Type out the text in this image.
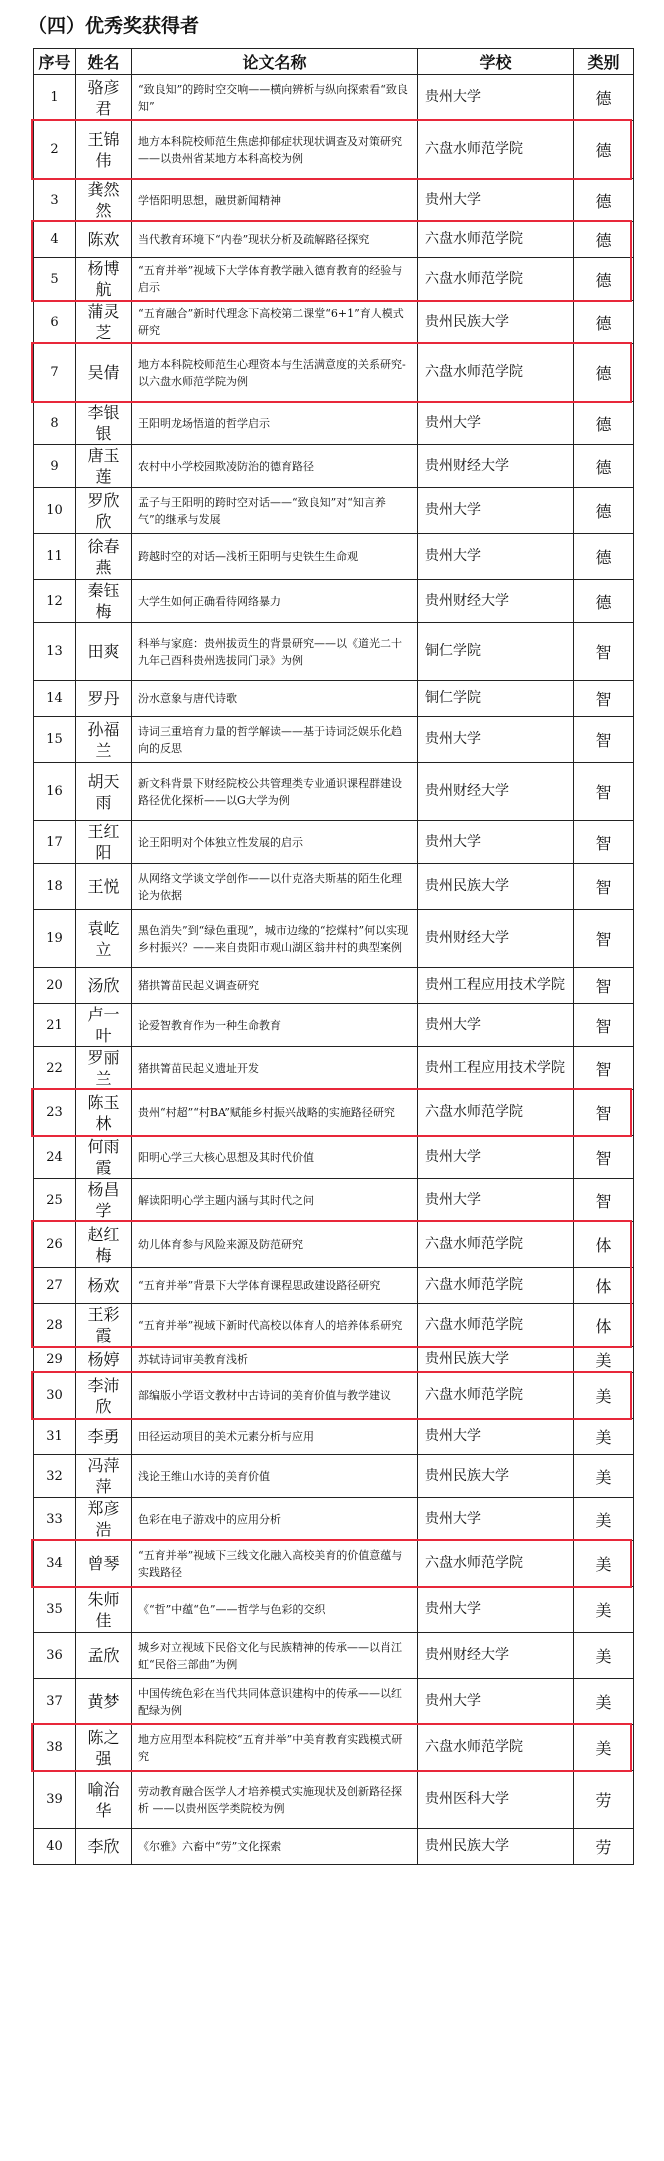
（四）优秀奖获得者
序号	姓名	论文名称	学校	类别
1	骆彦君	“致良知”的跨时空交响——横向辨析与纵向探索看“致良知”	贵州大学	德
2	王锦伟	地方本科院校师范生焦虑抑郁症状现状调查及对策研究——以贵州省某地方本科高校为例	六盘水师范学院	德
3	龚然然	学悟阳明思想，融贯新闻精神	贵州大学	德
4	陈欢	当代教育环境下“内卷”现状分析及疏解路径探究	六盘水师范学院	德
5	杨博航	“五育并举”视域下大学体育教学融入德育教育的经验与启示	六盘水师范学院	德
6	蒲灵芝	“五育融合”新时代理念下高校第二课堂“6+1”育人模式研究	贵州民族大学	德
7	吴倩	地方本科院校师范生心理资本与生活满意度的关系研究-以六盘水师范学院为例	六盘水师范学院	德
8	李银银	王阳明龙场悟道的哲学启示	贵州大学	德
9	唐玉莲	农村中小学校园欺凌防治的德育路径	贵州财经大学	德
10	罗欣欣	孟子与王阳明的跨时空对话——“致良知”对“知言养气”的继承与发展	贵州大学	德
11	徐春燕	跨越时空的对话—浅析王阳明与史铁生生命观	贵州大学	德
12	秦钰梅	大学生如何正确看待网络暴力	贵州财经大学	德
13	田爽	科举与家庭：贵州拔贡生的背景研究——以《道光二十九年己酉科贵州选拔同门录》为例	铜仁学院	智
14	罗丹	汾水意象与唐代诗歌	铜仁学院	智
15	孙福兰	诗词三重培育力量的哲学解读——基于诗词泛娱乐化趋向的反思	贵州大学	智
16	胡天雨	新文科背景下财经院校公共管理类专业通识课程群建设路径优化探析——以G大学为例	贵州财经大学	智
17	王红阳	论王阳明对个体独立性发展的启示	贵州大学	智
18	王悦	从网络文学谈文学创作——以什克洛夫斯基的陌生化理论为依据	贵州民族大学	智
19	袁屹立	黑色消失”到“绿色重现”，城市边缘的“挖煤村”何以实现乡村振兴？——来自贵阳市观山湖区翁井村的典型案例	贵州财经大学	智
20	汤欣	猪拱箐苗民起义调查研究	贵州工程应用技术学院	智
21	卢一叶	论爱智教育作为一种生命教育	贵州大学	智
22	罗丽兰	猪拱箐苗民起义遗址开发	贵州工程应用技术学院	智
23	陈玉林	贵州“村超”“村BA”赋能乡村振兴战略的实施路径研究	六盘水师范学院	智
24	何雨霞	阳明心学三大核心思想及其时代价值	贵州大学	智
25	杨昌学	解读阳明心学主题内涵与其时代之问	贵州大学	智
26	赵红梅	幼儿体育参与风险来源及防范研究	六盘水师范学院	体
27	杨欢	“五育并举”背景下大学体育课程思政建设路径研究	六盘水师范学院	体
28	王彩霞	“五育并举”视域下新时代高校以体育人的培养体系研究	六盘水师范学院	体
29	杨婷	苏轼诗词审美教育浅析	贵州民族大学	美
30	李沛欣	部编版小学语文教材中古诗词的美育价值与教学建议	六盘水师范学院	美
31	李勇	田径运动项目的美术元素分析与应用	贵州大学	美
32	冯萍萍	浅论王维山水诗的美育价值	贵州民族大学	美
33	郑彦浩	色彩在电子游戏中的应用分析	贵州大学	美
34	曾琴	“五育并举”视域下三线文化融入高校美育的价值意蕴与实践路径	六盘水师范学院	美
35	朱师佳	《“哲”中蕴“色”——哲学与色彩的交织	贵州大学	美
36	孟欣	城乡对立视域下民俗文化与民族精神的传承——以肖江虹“民俗三部曲”为例	贵州财经大学	美
37	黄梦	中国传统色彩在当代共同体意识建构中的传承——以红配绿为例	贵州大学	美
38	陈之强	地方应用型本科院校“五育并举”中美育教育实践模式研究	六盘水师范学院	美
39	喻治华	劳动教育融合医学人才培养模式实施现状及创新路径探析 ——以贵州医学类院校为例	贵州医科大学	劳
40	李欣	《尔雅》六畜中“劳”文化探索	贵州民族大学	劳
